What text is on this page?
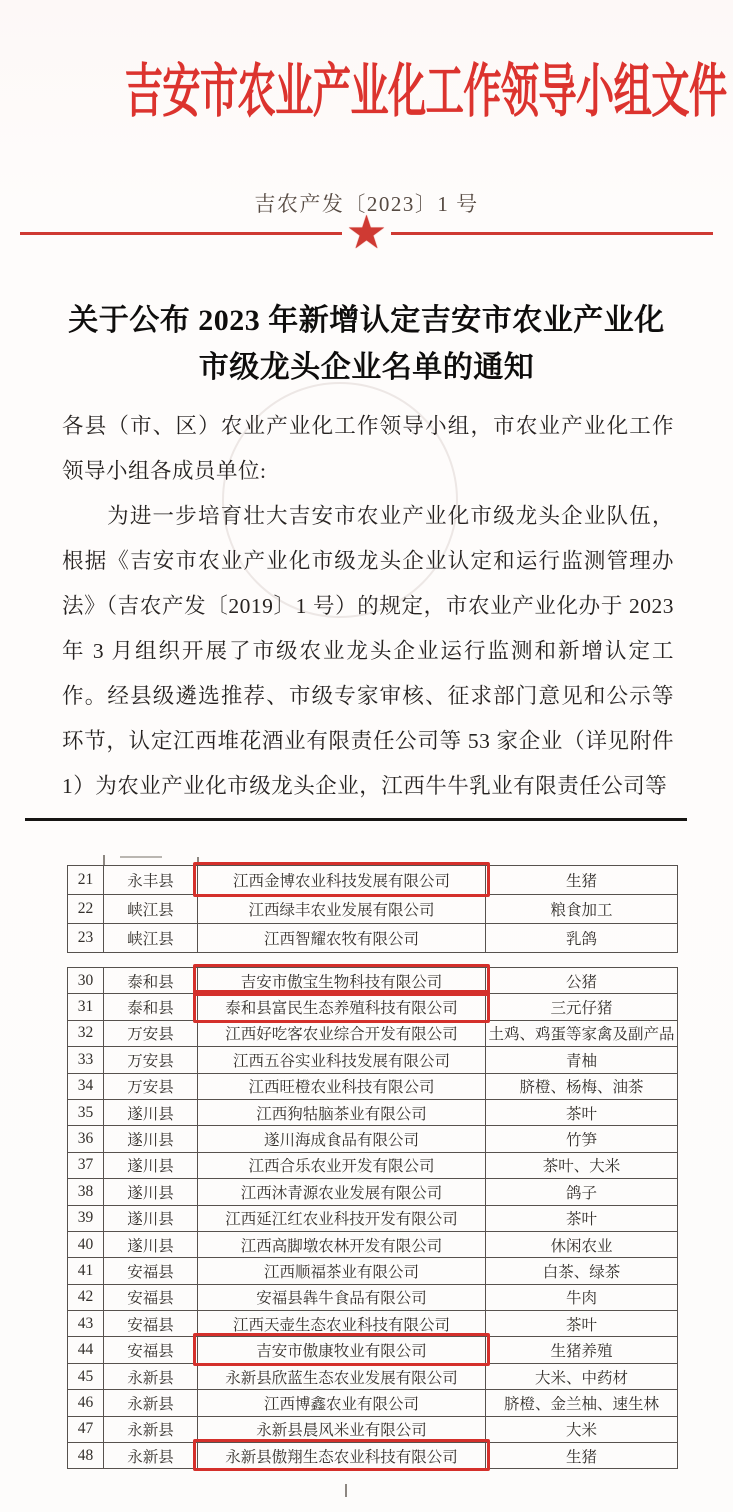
吉安市农业产业化工作领导小组文件
吉农产发〔2023〕1 号
★
关于公布 2023 年新增认定吉安市农业产业化
市级龙头企业名单的通知

各县（市、区）农业产业化工作领导小组，市农业产业化工作领导小组各成员单位:

为进一步培育壮大吉安市农业产业化市级龙头企业队伍，根据《吉安市农业产业化市级龙头企业认定和运行监测管理办法》（吉农产发〔2019〕1 号）的规定，市农业产业化办于 2023 年 3 月组织开展了市级农业龙头企业运行监测和新增认定工作。经县级遴选推荐、市级专家审核、征求部门意见和公示等环节，认定江西堆花酒业有限责任公司等 53 家企业（详见附件 1）为农业产业化市级龙头企业，江西牛牛乳业有限责任公司等

21	永丰县	江西金博农业科技发展有限公司	生猪
22	峡江县	江西绿丰农业发展有限公司	粮食加工
23	峡江县	江西智耀农牧有限公司	乳鸽
30	泰和县	吉安市傲宝生物科技有限公司	公猪
31	泰和县	泰和县富民生态养殖科技有限公司	三元仔猪
32	万安县	江西好吃客农业综合开发有限公司	土鸡、鸡蛋等家禽及副产品
33	万安县	江西五谷实业科技发展有限公司	青柚
34	万安县	江西旺橙农业科技有限公司	脐橙、杨梅、油茶
35	遂川县	江西狗牯脑茶业有限公司	茶叶
36	遂川县	遂川海成食品有限公司	竹笋
37	遂川县	江西合乐农业开发有限公司	茶叶、大米
38	遂川县	江西沐青源农业发展有限公司	鸽子
39	遂川县	江西延江红农业科技开发有限公司	茶叶
40	遂川县	江西高脚墩农林开发有限公司	休闲农业
41	安福县	江西顺福茶业有限公司	白茶、绿茶
42	安福县	安福县犇牛食品有限公司	牛肉
43	安福县	江西天壶生态农业科技有限公司	茶叶
44	安福县	吉安市傲康牧业有限公司	生猪养殖
45	永新县	永新县欣蓝生态农业发展有限公司	大米、中药材
46	永新县	江西博鑫农业有限公司	脐橙、金兰柚、速生林
47	永新县	永新县晨风米业有限公司	大米
48	永新县	永新县傲翔生态农业科技有限公司	生猪
